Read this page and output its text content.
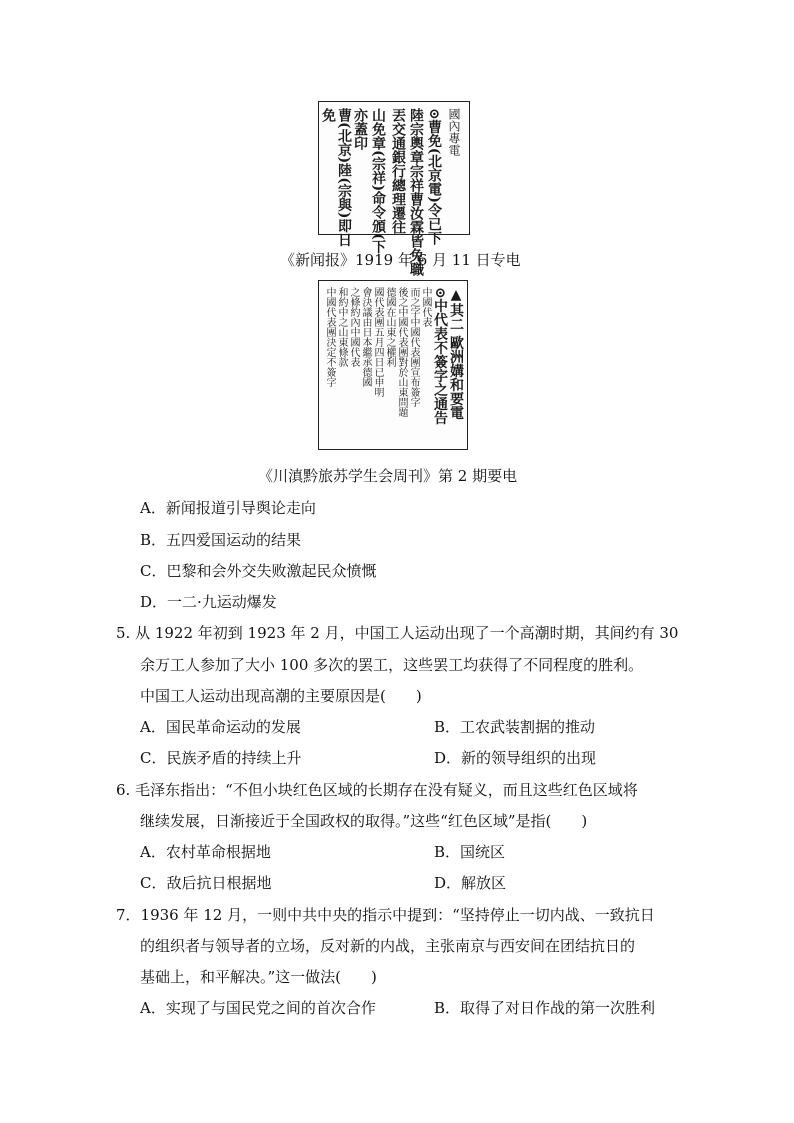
國內專電
⊙曹免(北京電)令已下
陸宗輿章宗祥曹汝霖皆免職
丟交通銀行總理遷往
山免章(宗祥)命令頒(下
亦蓋印
曹(北京)陸(宗與)即日
免
《新闻报》1919 年 6 月 11 日专电
▲其二 歐洲媾和要電
⊙中代表不簽字之通告
中國代表
而之字中國代表團宣布簽字
後之中國代表團對於山東問題
德國在山東之權利
國代表團五月四日已申明
會決議由日本繼承德國
之條約內中國代表
和約中之山東條款
中國代表團決定不簽字
《川滇黔旅苏学生会周刊》第 2 期要电
A．新闻报道引导舆论走向
B．五四爱国运动的结果
C．巴黎和会外交失败激起民众愤慨
D．一二·九运动爆发
5. 从 1922 年初到 1923 年 2 月，中国工人运动出现了一个高潮时期，其间约有 30
余万工人参加了大小 100 多次的罢工，这些罢工均获得了不同程度的胜利。
中国工人运动出现高潮的主要原因是(　　)
A．国民革命运动的发展	B．工农武装割据的推动
C．民族矛盾的持续上升	D．新的领导组织的出现
6. 毛泽东指出：“不但小块红色区域的长期存在没有疑义，而且这些红色区域将
继续发展，日渐接近于全国政权的取得。”这些“红色区域”是指(　　)
A．农村革命根据地	B．国统区
C．敌后抗日根据地	D．解放区
7．1936 年 12 月，一则中共中央的指示中提到：“坚持停止一切内战、一致抗日
的组织者与领导者的立场，反对新的内战，主张南京与西安间在团结抗日的
基础上，和平解决。”这一做法(　　)
A．实现了与国民党之间的首次合作	B．取得了对日作战的第一次胜利
